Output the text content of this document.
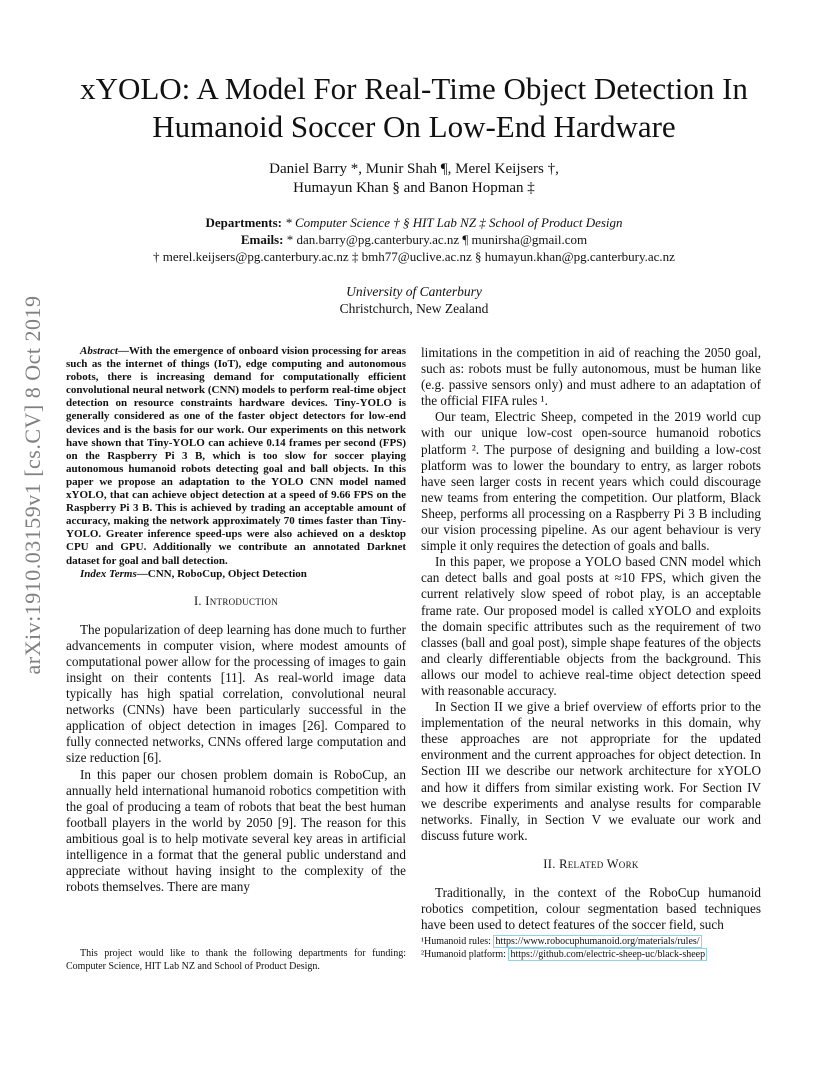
arXiv:1910.03159v1 [cs.CV] 8 Oct 2019
xYOLO: A Model For Real-Time Object Detection In Humanoid Soccer On Low-End Hardware
Daniel Barry *, Munir Shah ¶, Merel Keijsers †,
Humayun Khan § and Banon Hopman ‡
Departments: * Computer Science † § HIT Lab NZ ‡ School of Product Design
Emails: * dan.barry@pg.canterbury.ac.nz ¶ munirsha@gmail.com
† merel.keijsers@pg.canterbury.ac.nz ‡ bmh77@uclive.ac.nz § humayun.khan@pg.canterbury.ac.nz
University of Canterbury
Christchurch, New Zealand

Abstract—With the emergence of onboard vision processing for areas such as the internet of things (IoT), edge computing and autonomous robots, there is increasing demand for computationally efficient convolutional neural network (CNN) models to perform real-time object detection on resource constraints hardware devices. Tiny-YOLO is generally considered as one of the faster object detectors for low-end devices and is the basis for our work. Our experiments on this network have shown that Tiny-YOLO can achieve 0.14 frames per second (FPS) on the Raspberry Pi 3 B, which is too slow for soccer playing autonomous humanoid robots detecting goal and ball objects. In this paper we propose an adaptation to the YOLO CNN model named xYOLO, that can achieve object detection at a speed of 9.66 FPS on the Raspberry Pi 3 B. This is achieved by trading an acceptable amount of accuracy, making the network approximately 70 times faster than Tiny-YOLO. Greater inference speed-ups were also achieved on a desktop CPU and GPU. Additionally we contribute an annotated Darknet dataset for goal and ball detection.

Index Terms—CNN, RoboCup, Object Detection

I. Introduction

The popularization of deep learning has done much to further advancements in computer vision, where modest amounts of computational power allow for the processing of images to gain insight on their contents [11]. As real-world image data typically has high spatial correlation, convolutional neural networks (CNNs) have been particularly successful in the application of object detection in images [26]. Compared to fully connected networks, CNNs offered large computation and size reduction [6].

In this paper our chosen problem domain is RoboCup, an annually held international humanoid robotics competition with the goal of producing a team of robots that beat the best human football players in the world by 2050 [9]. The reason for this ambitious goal is to help motivate several key areas in artificial intelligence in a format that the general public understand and appreciate without having insight to the complexity of the robots themselves. There are many

This project would like to thank the following departments for funding: Computer Science, HIT Lab NZ and School of Product Design.

limitations in the competition in aid of reaching the 2050 goal, such as: robots must be fully autonomous, must be human like (e.g. passive sensors only) and must adhere to an adaptation of the official FIFA rules ¹.

Our team, Electric Sheep, competed in the 2019 world cup with our unique low-cost open-source humanoid robotics platform ². The purpose of designing and building a low-cost platform was to lower the boundary to entry, as larger robots have seen larger costs in recent years which could discourage new teams from entering the competition. Our platform, Black Sheep, performs all processing on a Raspberry Pi 3 B including our vision processing pipeline. As our agent behaviour is very simple it only requires the detection of goals and balls.

In this paper, we propose a YOLO based CNN model which can detect balls and goal posts at ≈10 FPS, which given the current relatively slow speed of robot play, is an acceptable frame rate. Our proposed model is called xYOLO and exploits the domain specific attributes such as the requirement of two classes (ball and goal post), simple shape features of the objects and clearly differentiable objects from the background. This allows our model to achieve real-time object detection speed with reasonable accuracy.

In Section II we give a brief overview of efforts prior to the implementation of the neural networks in this domain, why these approaches are not appropriate for the updated environment and the current approaches for object detection. In Section III we describe our network architecture for xYOLO and how it differs from similar existing work. For Section IV we describe experiments and analyse results for comparable networks. Finally, in Section V we evaluate our work and discuss future work.

II. Related Work

Traditionally, in the context of the RoboCup humanoid robotics competition, colour segmentation based techniques have been used to detect features of the soccer field, such

¹Humanoid rules: https://www.robocuphumanoid.org/materials/rules/
²Humanoid platform: https://github.com/electric-sheep-uc/black-sheep
